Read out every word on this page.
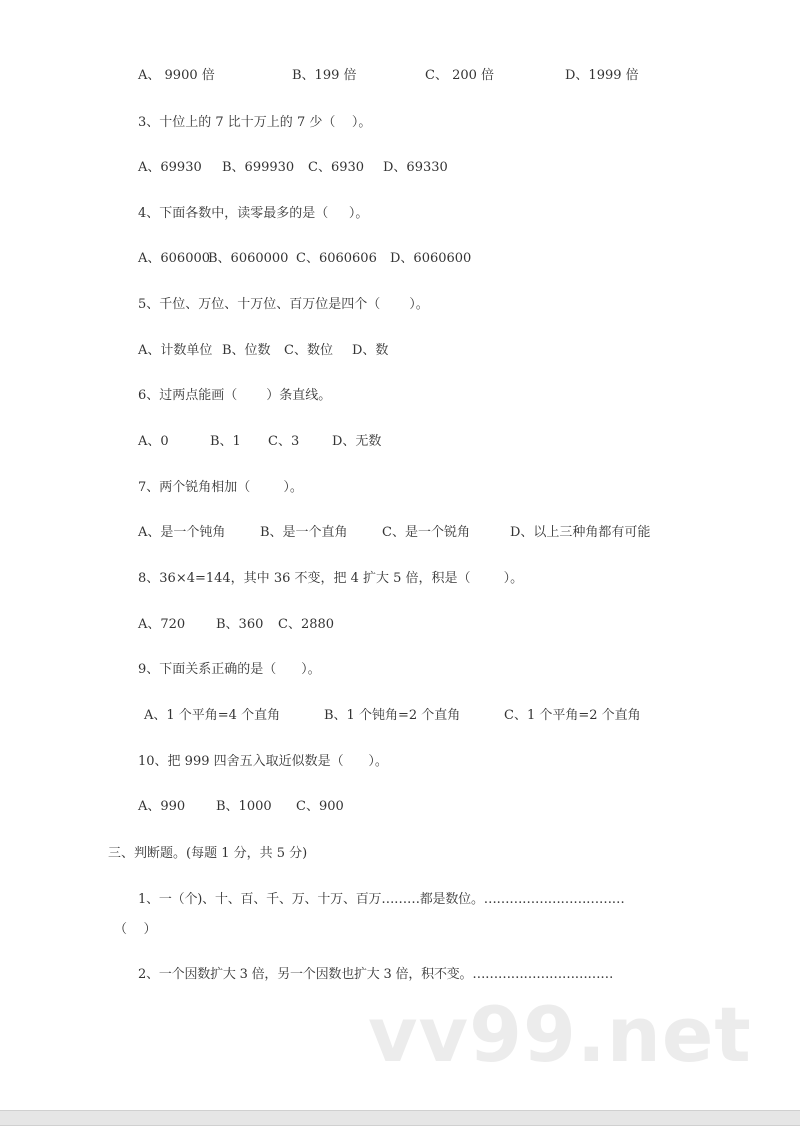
A、 9900 倍	B、199 倍	C、 200 倍	D、1999 倍
3、十位上的 7 比十万上的 7 少（    ）。
A、69930 B、699930 C、6930 D、69330
4、下面各数中，读零最多的是（     ）。
A、606000
B、6060000 C、6060606 D、6060600
5、千位、万位、十万位、百万位是四个（       ）。
A、计数单位 B、位数 C、数位 D、数
6、过两点能画（       ）条直线。
A、0	B、1 C、3	D、无数
7、两个锐角相加（        ）。
A、是一个钝角	B、是一个直角	C、是一个锐角	D、以上三种角都有可能
8、36×4=144，其中 36 不变，把 4 扩大 5 倍，积是（        ）。
A、720 B、360 C、2880
9、下面关系正确的是（      ）。
A、1 个平角=4 个直角	B、1 个钝角=2 个直角	C、1 个平角=2 个直角
10、把 999 四舍五入取近似数是（      ）。
A、990 B、1000 C、900
三、判断题。(每题 1 分，共 5 分)
1、一（个)、十、百、千、万、十万、百万………都是数位。……………………………
（    ）
2、一个因数扩大 3 倍，另一个因数也扩大 3 倍，积不变。……………………………
vv99.net
